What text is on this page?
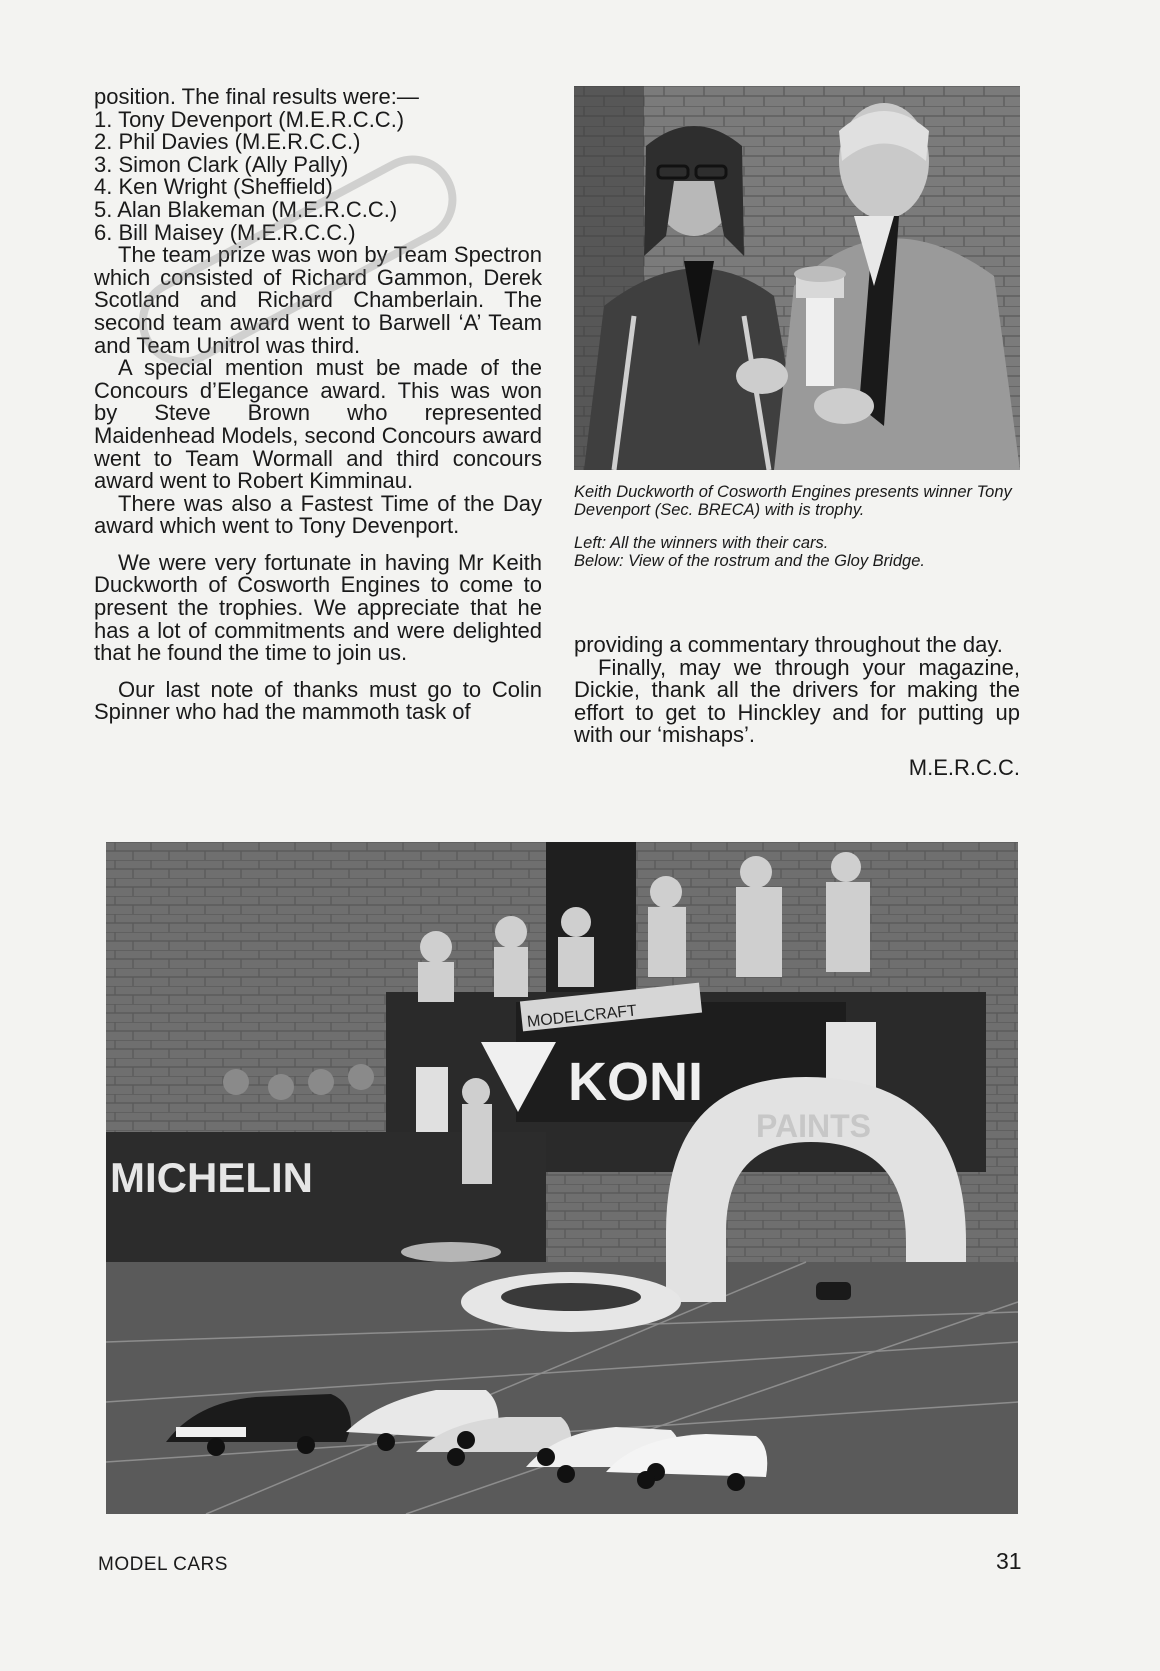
position. The final results were:—

1. Tony Devenport (M.E.R.C.C.)
2. Phil Davies (M.E.R.C.C.)
3. Simon Clark (Ally Pally)
4. Ken Wright (Sheffield)
5. Alan Blakeman (M.E.R.C.C.)
6. Bill Maisey (M.E.R.C.C.)

The team prize was won by Team Spectron which consisted of Richard Gammon, Derek Scotland and Richard Chamberlain. The second team award went to Barwell ‘A’ Team and Team Unitrol was third.

A special mention must be made of the Concours d’Elegance award. This was won by Steve Brown who represented Maidenhead Models, second Concours award went to Team Wormall and third concours award went to Robert Kimminau.

There was also a Fastest Time of the Day award which went to Tony Devenport.

We were very fortunate in having Mr Keith Duckworth of Cosworth Engines to come to present the trophies. We appreciate that he has a lot of commitments and were delighted that he found the time to join us.

Our last note of thanks must go to Colin Spinner who had the mammoth task of

Keith Duckworth of Cosworth Engines presents winner Tony Devenport (Sec. BRECA) with is trophy.

Left: All the winners with their cars.

Below: View of the rostrum and the Gloy Bridge.

providing a commentary throughout the day.

Finally, may we through your magazine, Dickie, thank all the drivers for making the effort to get to Hinckley and for putting up with our ‘mishaps’.

M.E.R.C.C.
MODELCRAFT
KONI
MICHELIN
PAINTS
MODEL CARS	31
